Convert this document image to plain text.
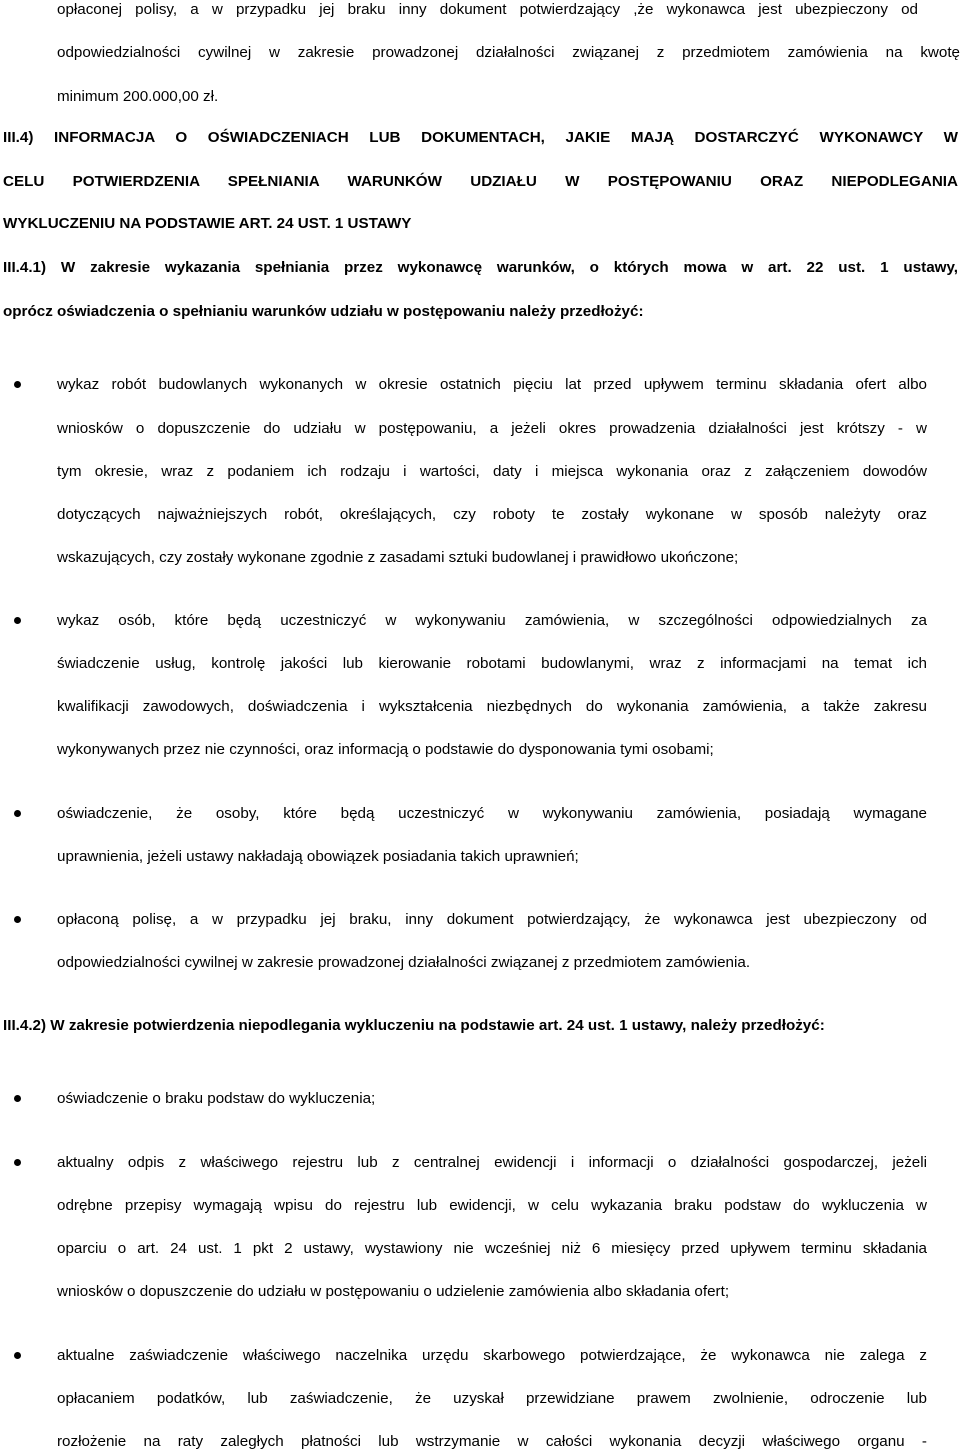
opłaconej polisy, a w przypadku jej braku inny dokument potwierdzający ,że wykonawca jest ubezpieczony od
odpowiedzialności cywilnej w zakresie prowadzonej działalności związanej z przedmiotem zamówienia na kwotę
minimum 200.000,00 zł.
III.4) INFORMACJA O OŚWIADCZENIACH LUB DOKUMENTACH, JAKIE MAJĄ DOSTARCZYĆ WYKONAWCY W
CELU POTWIERDZENIA SPEŁNIANIA WARUNKÓW UDZIAŁU W POSTĘPOWANIU ORAZ NIEPODLEGANIA
WYKLUCZENIU NA PODSTAWIE ART. 24 UST. 1 USTAWY
III.4.1) W zakresie wykazania spełniania przez wykonawcę warunków, o których mowa w art. 22 ust. 1 ustawy,
oprócz oświadczenia o spełnianiu warunków udziału w postępowaniu należy przedłożyć:
wykaz robót budowlanych wykonanych w okresie ostatnich pięciu lat przed upływem terminu składania ofert albo
wniosków o dopuszczenie do udziału w postępowaniu, a jeżeli okres prowadzenia działalności jest krótszy - w
tym okresie, wraz z podaniem ich rodzaju i wartości, daty i miejsca wykonania oraz z załączeniem dowodów
dotyczących najważniejszych robót, określających, czy roboty te zostały wykonane w sposób należyty oraz
wskazujących, czy zostały wykonane zgodnie z zasadami sztuki budowlanej i prawidłowo ukończone;
wykaz osób, które będą uczestniczyć w wykonywaniu zamówienia, w szczególności odpowiedzialnych za
świadczenie usług, kontrolę jakości lub kierowanie robotami budowlanymi, wraz z informacjami na temat ich
kwalifikacji zawodowych, doświadczenia i wykształcenia niezbędnych do wykonania zamówienia, a także zakresu
wykonywanych przez nie czynności, oraz informacją o podstawie do dysponowania tymi osobami;
oświadczenie, że osoby, które będą uczestniczyć w wykonywaniu zamówienia, posiadają wymagane
uprawnienia, jeżeli ustawy nakładają obowiązek posiadania takich uprawnień;
opłaconą polisę, a w przypadku jej braku, inny dokument potwierdzający, że wykonawca jest ubezpieczony od
odpowiedzialności cywilnej w zakresie prowadzonej działalności związanej z przedmiotem zamówienia.
III.4.2) W zakresie potwierdzenia niepodlegania wykluczeniu na podstawie art. 24 ust. 1 ustawy, należy przedłożyć:
oświadczenie o braku podstaw do wykluczenia;
aktualny odpis z właściwego rejestru lub z centralnej ewidencji i informacji o działalności gospodarczej, jeżeli
odrębne przepisy wymagają wpisu do rejestru lub ewidencji, w celu wykazania braku podstaw do wykluczenia w
oparciu o art. 24 ust. 1 pkt 2 ustawy, wystawiony nie wcześniej niż 6 miesięcy przed upływem terminu składania
wniosków o dopuszczenie do udziału w postępowaniu o udzielenie zamówienia albo składania ofert;
aktualne zaświadczenie właściwego naczelnika urzędu skarbowego potwierdzające, że wykonawca nie zalega z
opłacaniem podatków, lub zaświadczenie, że uzyskał przewidziane prawem zwolnienie, odroczenie lub
rozłożenie na raty zaległych płatności lub wstrzymanie w całości wykonania decyzji właściwego organu -
